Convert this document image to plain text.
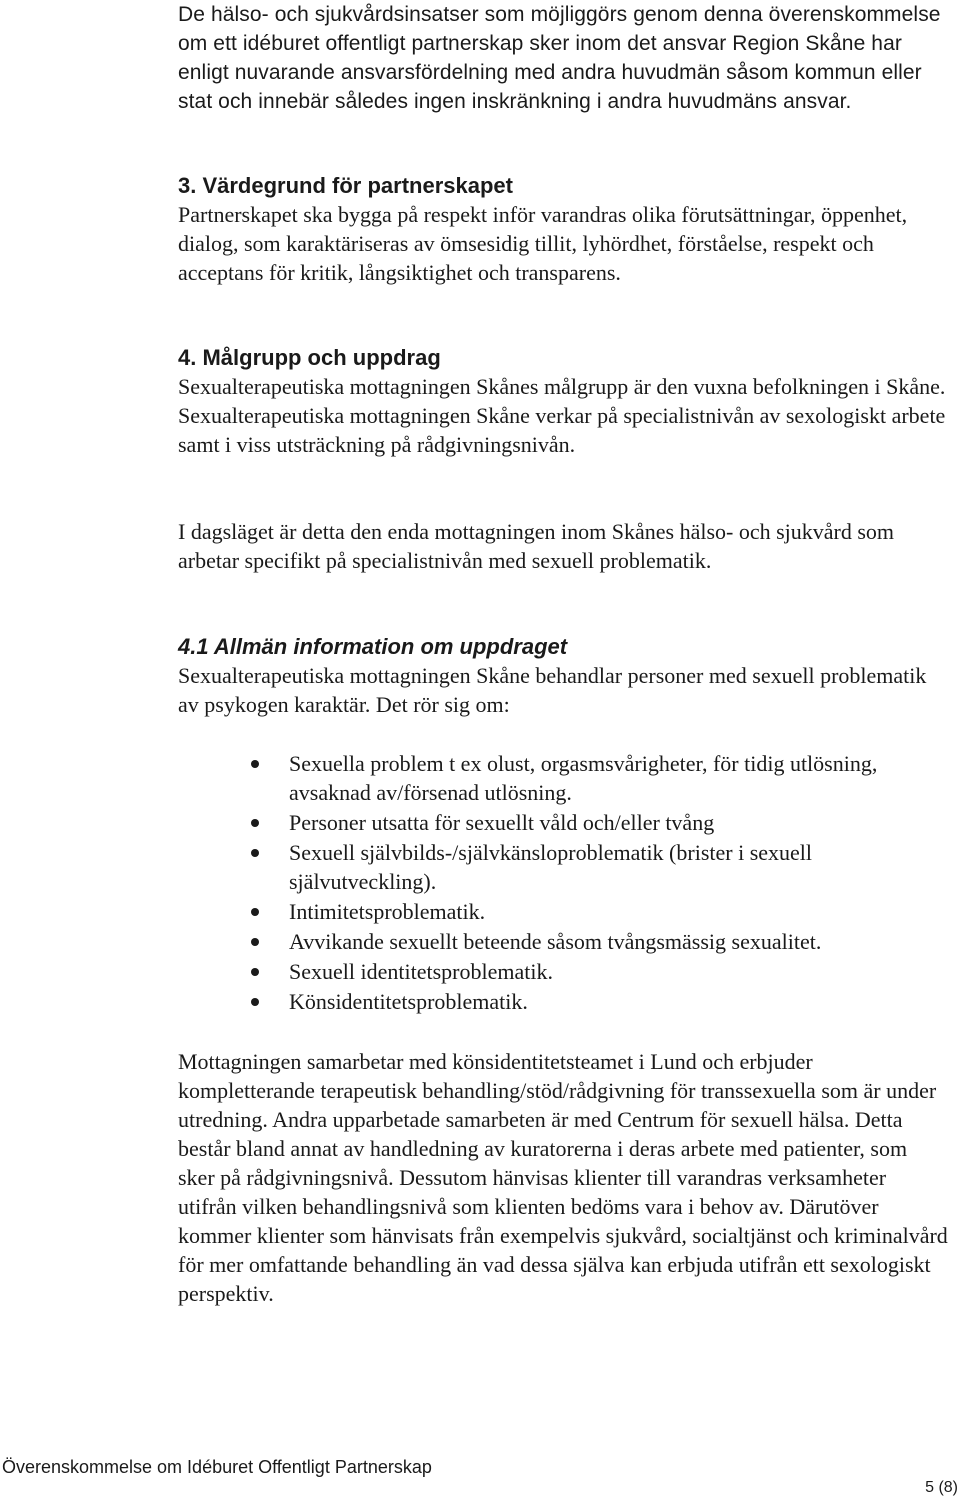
De hälso- och sjukvårdsinsatser som möjliggörs genom denna överenskommelse om ett idéburet offentligt partnerskap sker inom det ansvar Region Skåne har enligt nuvarande ansvarsfördelning med andra huvudmän såsom kommun eller stat och innebär således ingen inskränkning i andra huvudmäns ansvar.

3. Värdegrund för partnerskapet

Partnerskapet ska bygga på respekt inför varandras olika förutsättningar, öppenhet, dialog, som karaktäriseras av ömsesidig tillit, lyhördhet, förståelse, respekt och acceptans för kritik, långsiktighet och transparens.

4. Målgrupp och uppdrag

Sexualterapeutiska mottagningen Skånes målgrupp är den vuxna befolkningen i Skåne. Sexualterapeutiska mottagningen Skåne verkar på specialistnivån av sexologiskt arbete samt i viss utsträckning på rådgivningsnivån.

I dagsläget är detta den enda mottagningen inom Skånes hälso- och sjukvård som arbetar specifikt på specialistnivån med sexuell problematik.

4.1 Allmän information om uppdraget

Sexualterapeutiska mottagningen Skåne behandlar personer med sexuell problematik av psykogen karaktär. Det rör sig om:

Sexuella problem t ex olust, orgasmsvårigheter, för tidig utlösning, avsaknad av/försenad utlösning.
Personer utsatta för sexuellt våld och/eller tvång
Sexuell självbilds-/självkänsloproblematik (brister i sexuell självutveckling).
Intimitetsproblematik.
Avvikande sexuellt beteende såsom tvångsmässig sexualitet.
Sexuell identitetsproblematik.
Könsidentitetsproblematik.

Mottagningen samarbetar med könsidentitetsteamet i Lund och erbjuder kompletterande terapeutisk behandling/stöd/rådgivning för transsexuella som är under utredning. Andra upparbetade samarbeten är med Centrum för sexuell hälsa. Detta består bland annat av handledning av kuratorerna i deras arbete med patienter, som sker på rådgivningsnivå. Dessutom hänvisas klienter till varandras verksamheter utifrån vilken behandlingsnivå som klienten bedöms vara i behov av. Därutöver kommer klienter som hänvisats från exempelvis sjukvård, socialtjänst och kriminalvård för mer omfattande behandling än vad dessa själva kan erbjuda utifrån ett sexologiskt perspektiv.

Överenskommelse om Idéburet Offentligt Partnerskap
5 (8)
